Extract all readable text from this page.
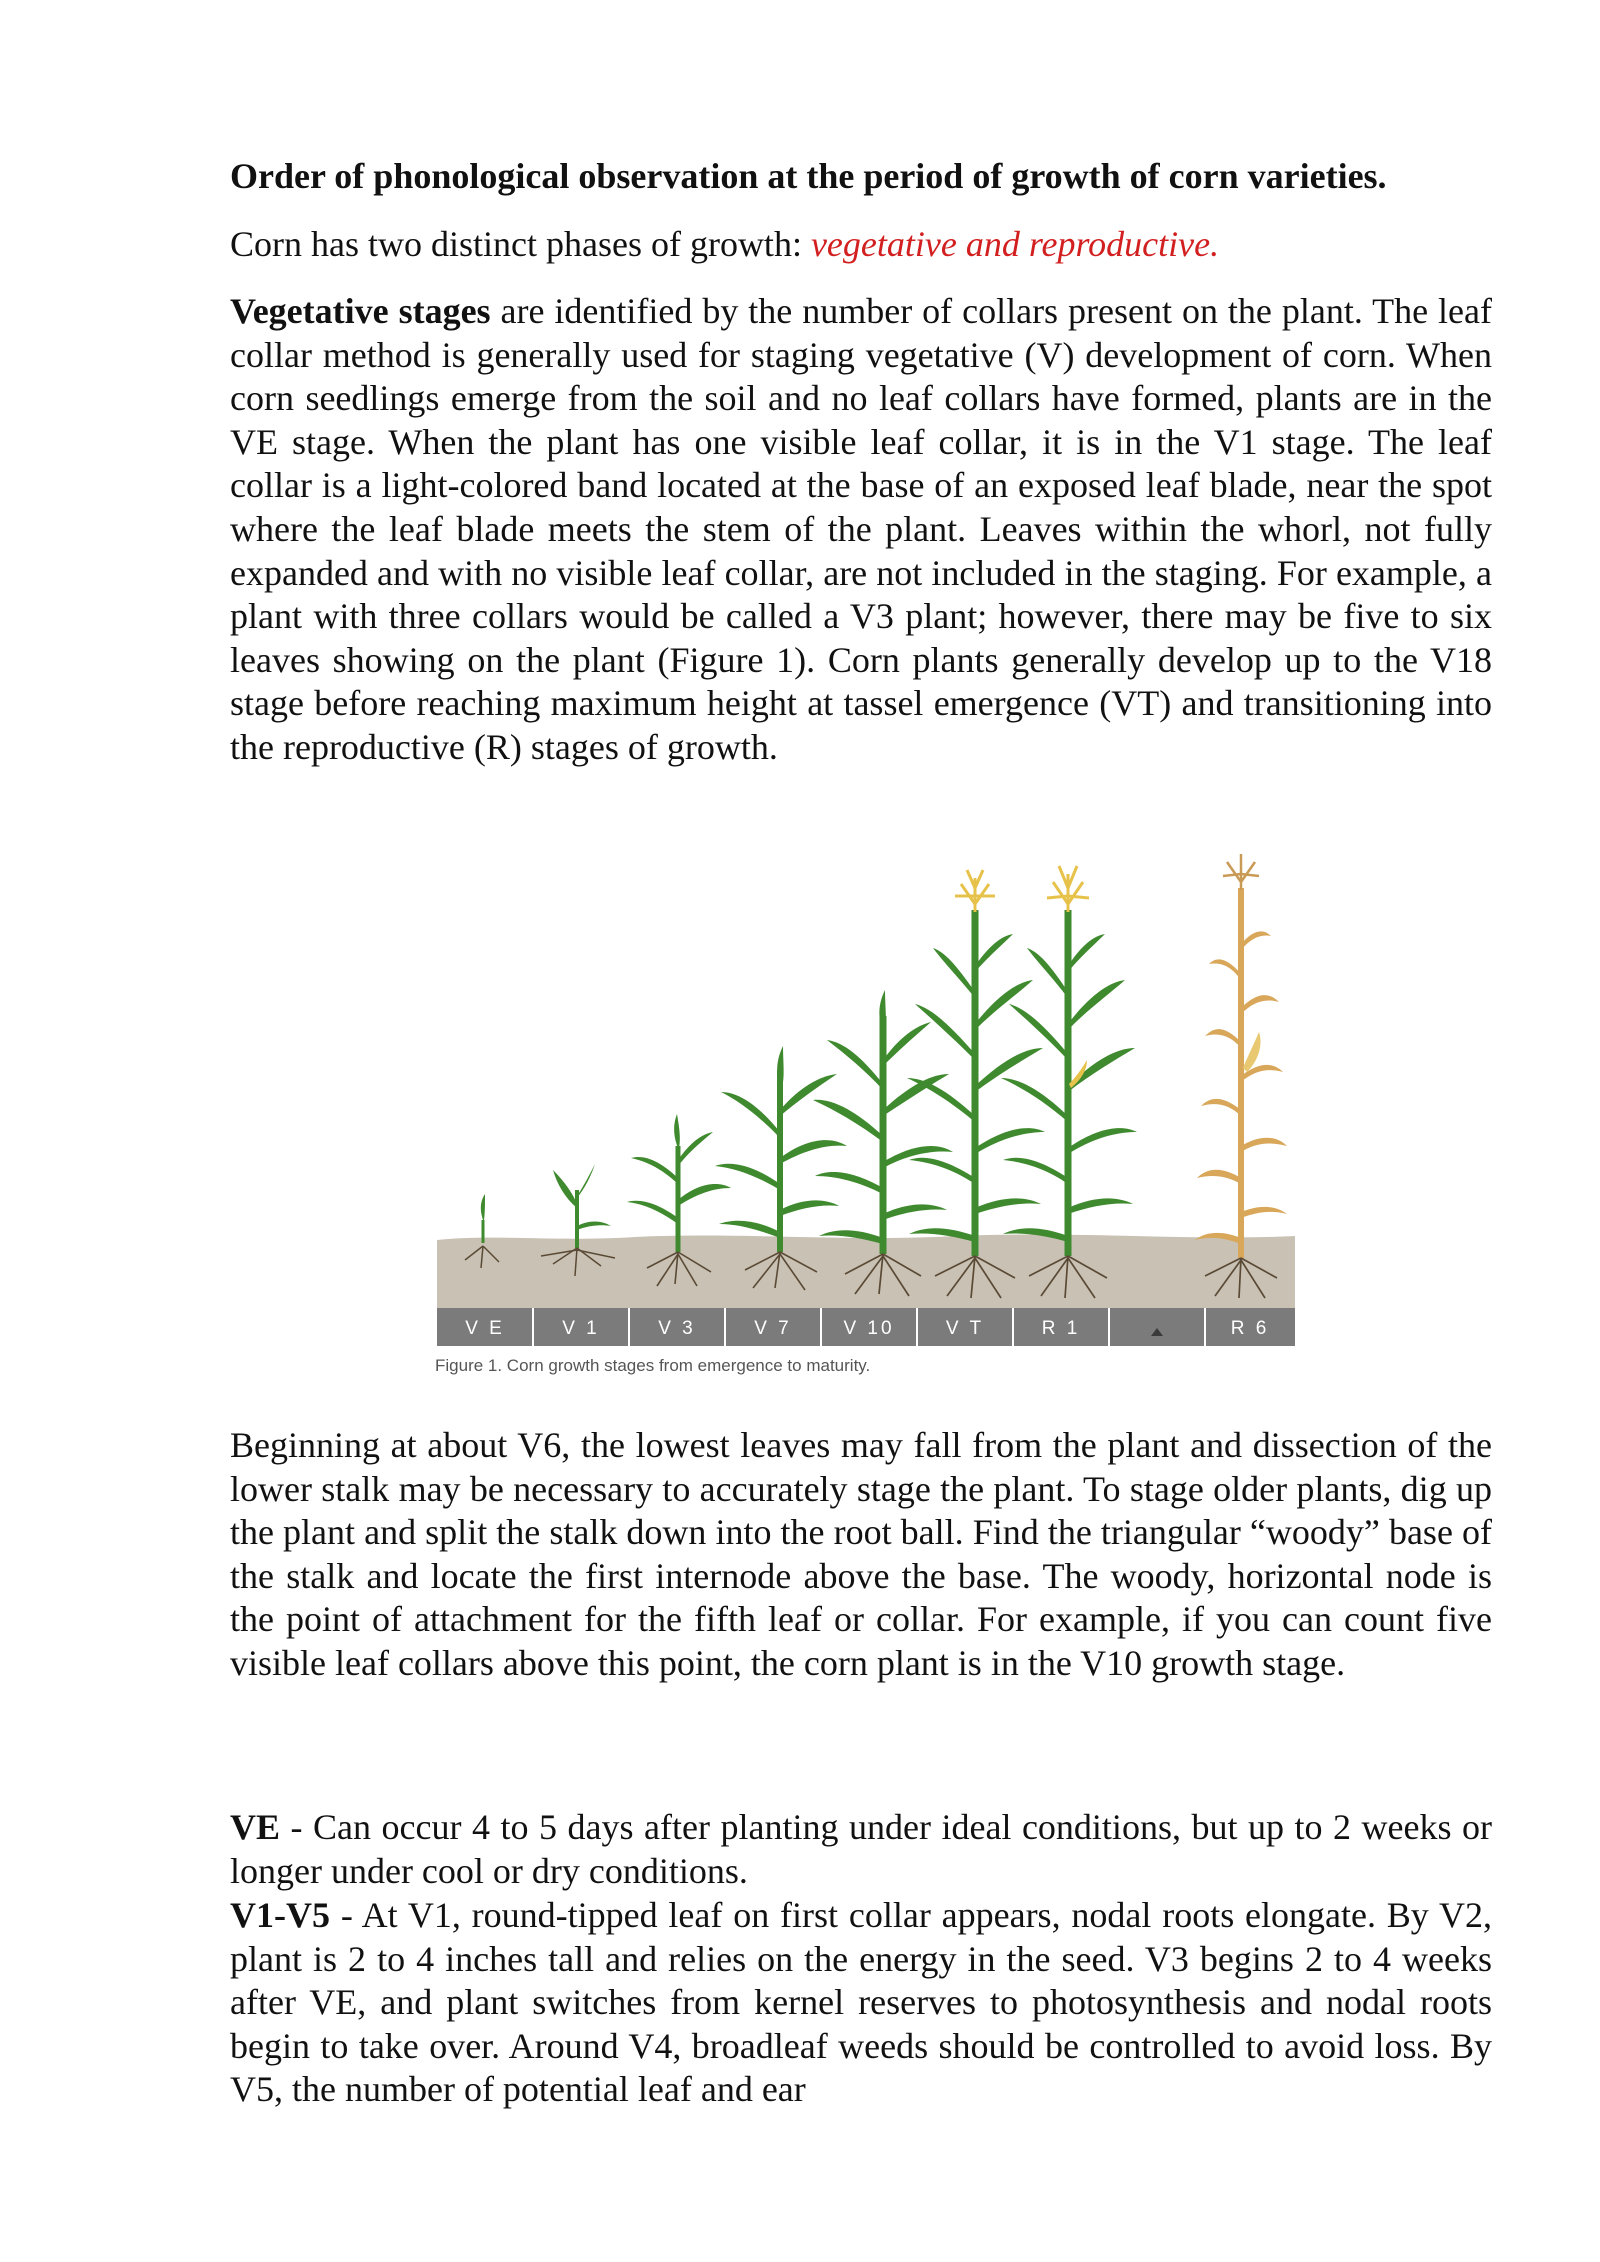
Order of phonological observation at the period of growth of corn varieties.
Corn has two distinct phases of growth: vegetative and reproductive.
Vegetative stages are identified by the number of collars present on the plant. The leaf collar method is generally used for staging vegetative (V) development of corn. When corn seedlings emerge from the soil and no leaf collars have formed, plants are in the VE stage. When the plant has one visible leaf collar, it is in the V1 stage. The leaf collar is a light-colored band located at the base of an exposed leaf blade, near the spot where the leaf blade meets the stem of the plant. Leaves within the whorl, not fully expanded and with no visible leaf collar, are not included in the staging. For example, a plant with three collars would be called a V3 plant; however, there may be five to six leaves showing on the plant (Figure 1). Corn plants generally develop up to the V18 stage before reaching maximum height at tassel emergence (VT) and transitioning into the reproductive (R) stages of growth.
V E	V 1	V 3	V 7	V 10	V T	R 1	R 6
Figure 1. Corn growth stages from emergence to maturity.
Beginning at about V6, the lowest leaves may fall from the plant and dissection of the lower stalk may be necessary to accurately stage the plant. To stage older plants, dig up the plant and split the stalk down into the root ball. Find the triangular “woody” base of the stalk and locate the first internode above the base. The woody, horizontal node is the point of attachment for the fifth leaf or collar. For example, if you can count five visible leaf collars above this point, the corn plant is in the V10 growth stage.
VE - Can occur 4 to 5 days after planting under ideal conditions, but up to 2 weeks or longer under cool or dry conditions.
V1-V5 - At V1, round-tipped leaf on first collar appears, nodal roots elongate. By V2, plant is 2 to 4 inches tall and relies on the energy in the seed. V3 begins 2 to 4 weeks after VE, and plant switches from kernel reserves to photosynthesis and nodal roots begin to take over. Around V4, broadleaf weeds should be controlled to avoid loss. By V5, the number of potential leaf and ear
